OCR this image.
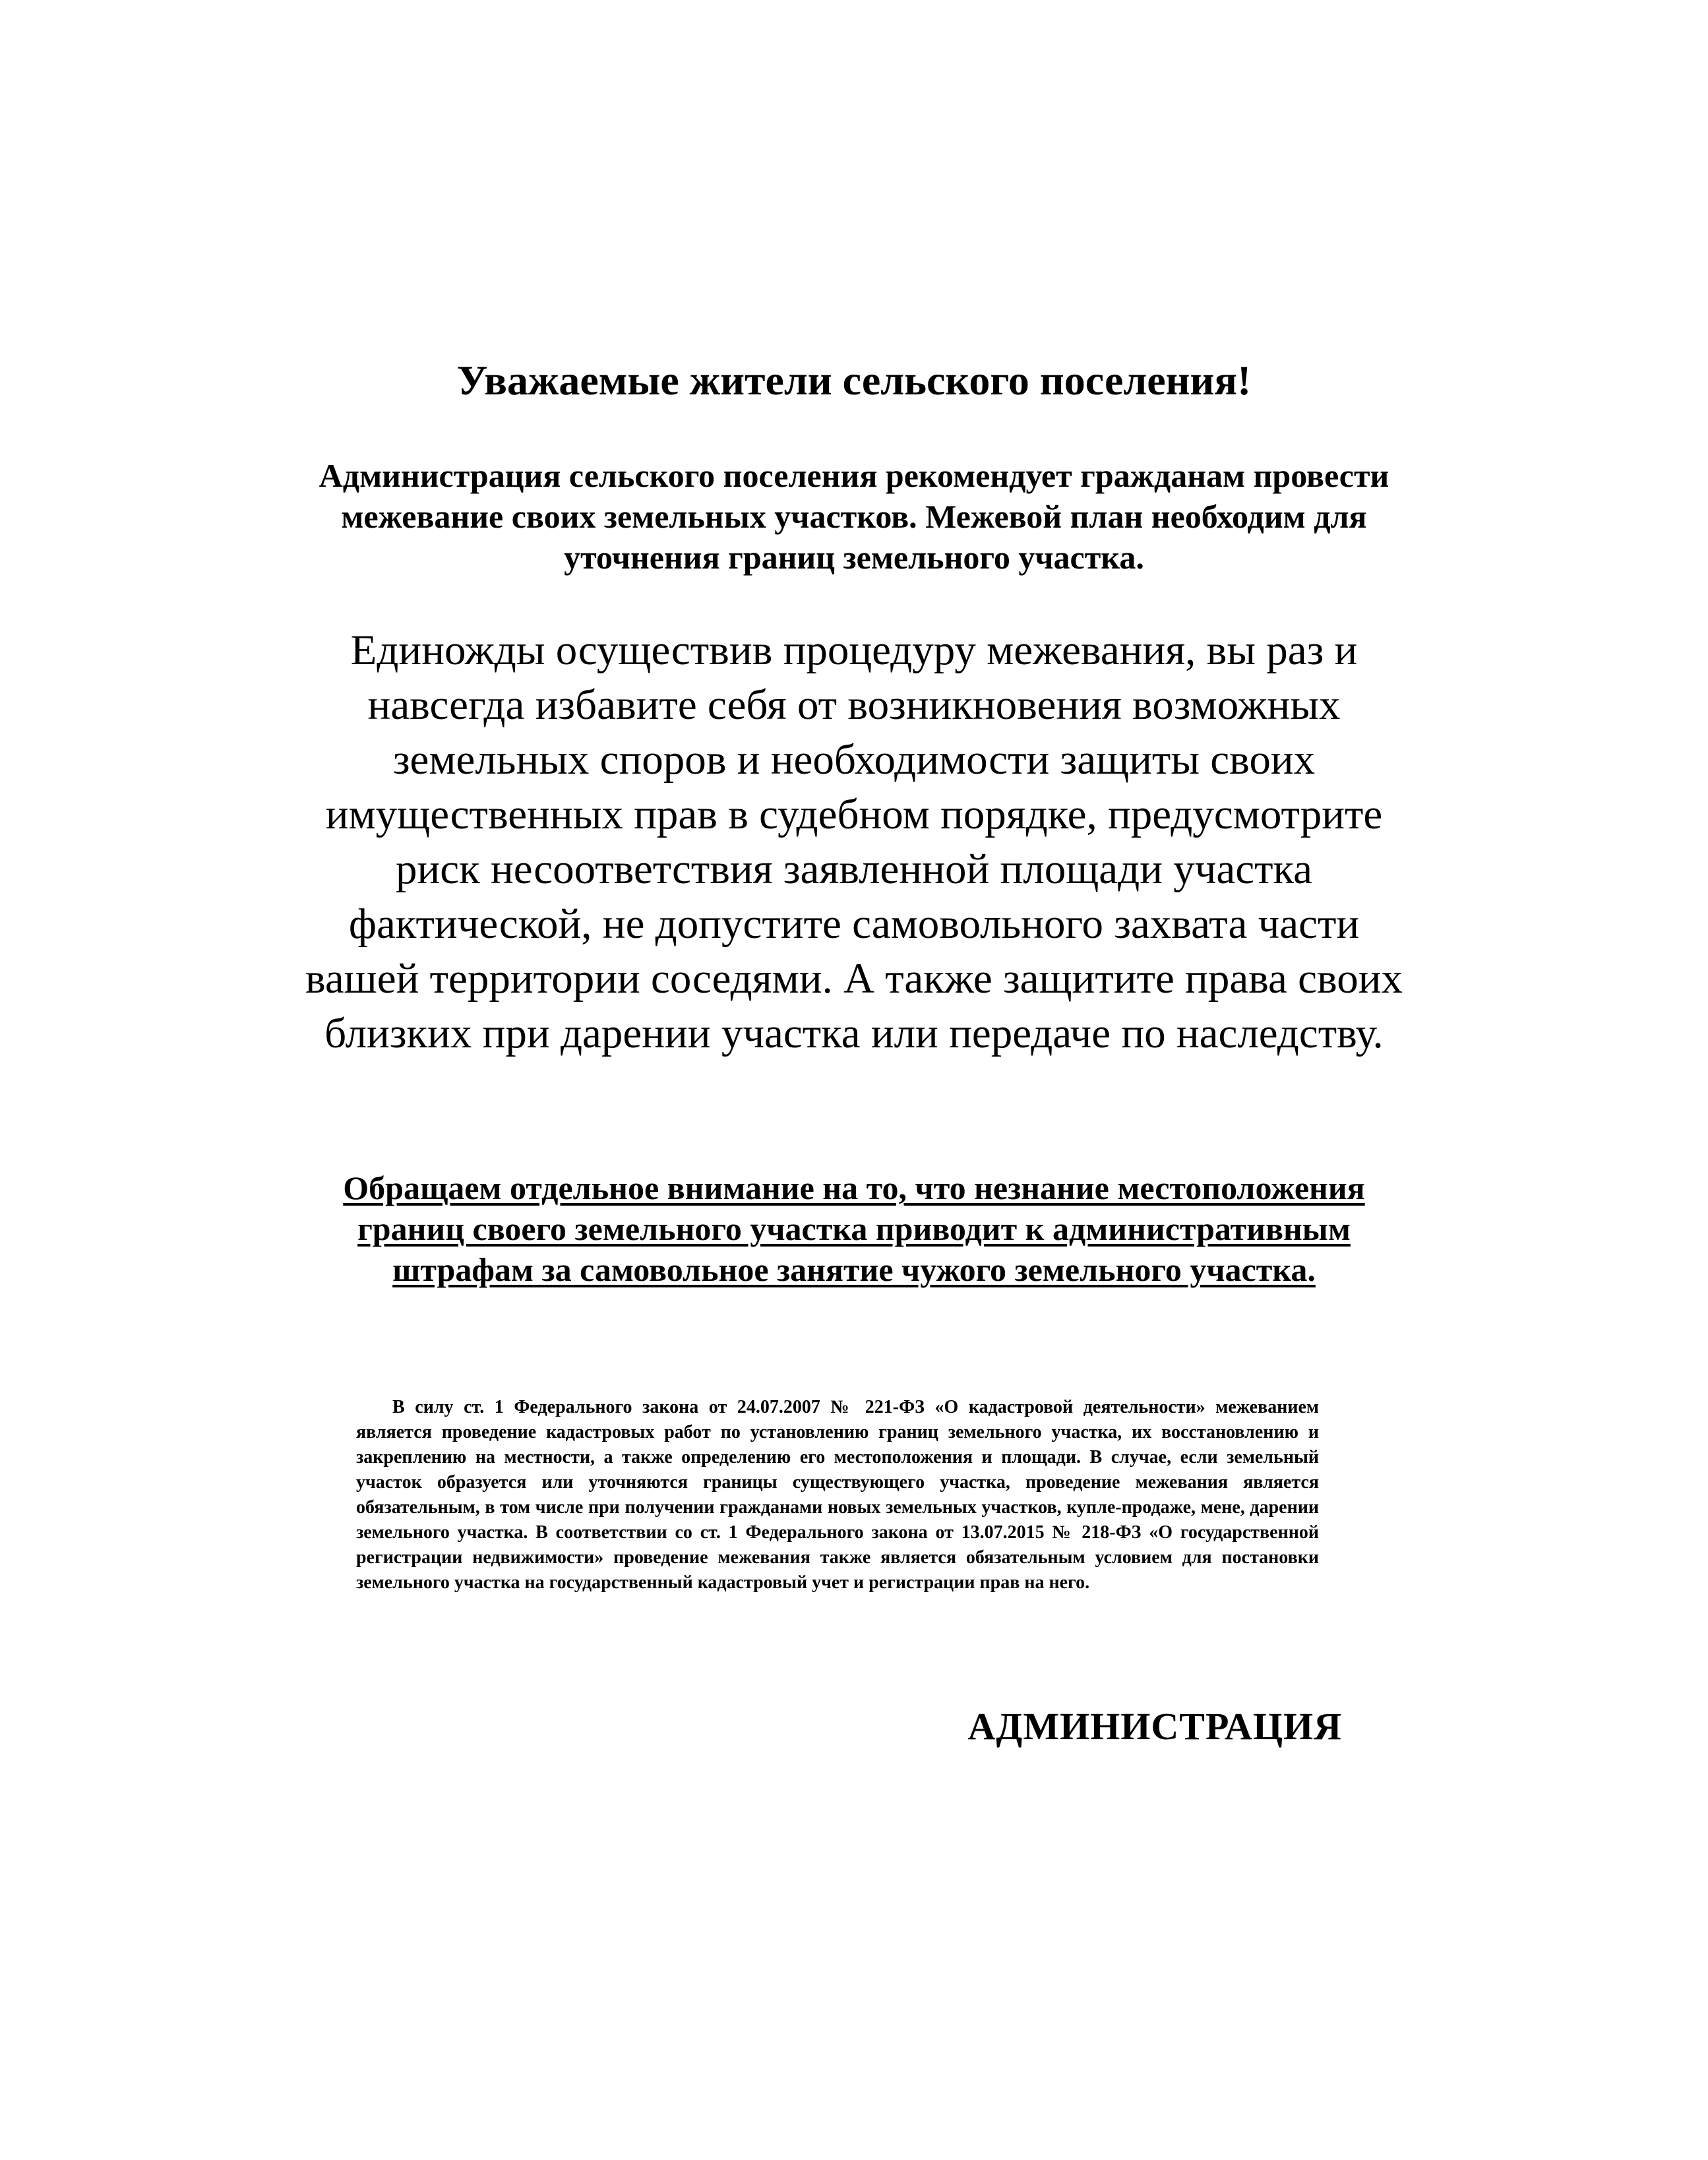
Уважаемые жители сельского поселения!

Администрация сельского поселения рекомендует гражданам провести межевание своих земельных участков. Межевой план необходим для уточнения границ земельного участка.

Единожды осуществив процедуру межевания, вы раз и навсегда избавите себя от возникновения возможных земельных споров и необходимости защиты своих имущественных прав в судебном порядке, предусмотрите риск несоответствия заявленной площади участка фактической, не допустите самовольного захвата части вашей территории соседями. А также защитите права своих близких при дарении участка или передаче по наследству.

Обращаем отдельное внимание на то, что незнание местоположения границ своего земельного участка приводит к административным штрафам за самовольное занятие чужого земельного участка.

В силу ст. 1 Федерального закона от 24.07.2007 № 221-ФЗ «О кадастровой деятельности» межеванием является проведение кадастровых работ по установлению границ земельного участка, их восстановлению и закреплению на местности, а также определению его местоположения и площади. В случае, если земельный участок образуется или уточняются границы существующего участка, проведение межевания является обязательным, в том числе при получении гражданами новых земельных участков, купле-продаже, мене, дарении земельного участка. В соответствии со ст. 1 Федерального закона от 13.07.2015 № 218-ФЗ «О государственной регистрации недвижимости» проведение межевания также является обязательным условием для постановки земельного участка на государственный кадастровый учет и регистрации прав на него.

АДМИНИСТРАЦИЯ
